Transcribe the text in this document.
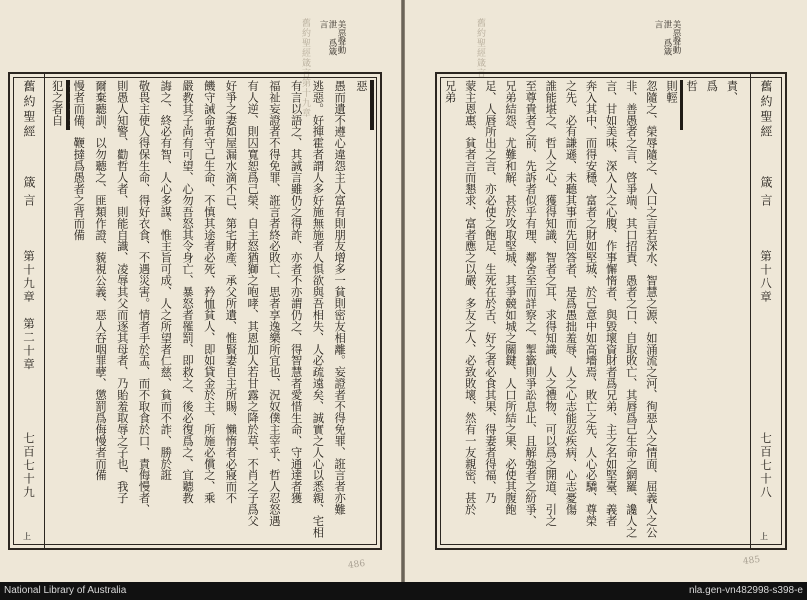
舊約聖經箴言第十九章	美惡聲動泄 爲箴言
舊約聖經
箴言
第十九章　第二十章
七百七十九
上
　惡
愚而遺不遵心違怨主人富有則朋友增多一貧則密友相離。妄證者不得免罪、誑言者亦難
逃惡。好揮霍者謂人多好施無施者人惧欲與吾相失、人必疏遠矣、誠實之人心以悉親、宅相
有言以語之、其誠言雖仍之得詐、亦者不亦謂仍之、得智慧者愛惜生命、守通達者獲
福祉妄證者不得免罪、誑言者終必敗亡、思者享逸樂所宜也、況奴僕主宰乎、哲人忍怒遇
有人逆、則囚寬恕爲己榮、自主怒猶獅之咆哮、其恩加人若甘露之降於草、不肖之子爲父
好爭之妻如屋漏水滴不已、第宅財產、承父所遺、惟賢妻自主所賜、懶惰者必寢而不
饑守誡命者守己生命、不慎其途者必死、矜恤貧人、即如貸金於主、所施必償之、乘
嚴教其子尚有可望、心勿吾怒其令身亡、暴怒者罹罰、即救之、後必復爲之、宜聽教
誨之、終必有智、人心多謀、惟主旨可成、人之所望者仁慈、貧而不詐、勝於誑
敬畏主使人得保生命、得好衣食、不遇災害。情者手於盂、而不取食於口、責侮慢者、
則愚人知警、勸哲人者、則能自識、凌辱其父而逐其母者、乃貽羞取辱之子也、我子
爾棄聽訓、以勿聽之、匪類作證、藐視公義、惡人吞咽罪孽、懲罰爲侮慢者而備
慢者而備、鞭撻爲愚者之背而備
犯之者自
486
舊約聖經箴言	美惡聲動泄 爲箴言
責、
爲
哲
則輕
忽隨之、榮辱隨之、人口之言若深水、智慧之源、如涌流之河、徇惡人之情面、屈義人之公
非、善愚者之言、啓爭端、其口招責、愚者之口、自取敗亡、其唇爲己生命之網羅、讒人之
言、甘如美味、深入人之心腹、作事懈惰者、與毀壞資財者爲兄弟、主之名如堅臺、義者
奔入其中、而得安穩、富者之財如堅城、於己意中如高墻焉、敗亡之先、人心必驕、尊榮
之先、必有謙遜、未聽其事而先回答者、是爲愚拙羞辱、人之心志能忍疾病、心志憂傷
誰能堪之、哲人之心、獲得知識、智者之耳、求得知識、人之禮物、可以爲之開道、引之
至尊貴者之前、先訴者似乎有理、鄰舍至而詳察之、掣籤則爭訟息止、且解強者之紛爭、
兄弟結怨、尤難和解、甚於攻取堅城、其爭競如城之關鍵、人口所結之果、必使其腹飽
足、人唇所出之言、亦必使之飽足、生死在於舌、好之者必食其果、得妻者得福、乃
蒙主恩惠、貧者言而懇求、富者應之以嚴、多友之人、必致敗壞、然有一友親密、甚於
兄弟	舊約聖經
箴言
第十八章
七百七十八
上
485
National Library of Australia	nla.gen-vn482998-s398-e
